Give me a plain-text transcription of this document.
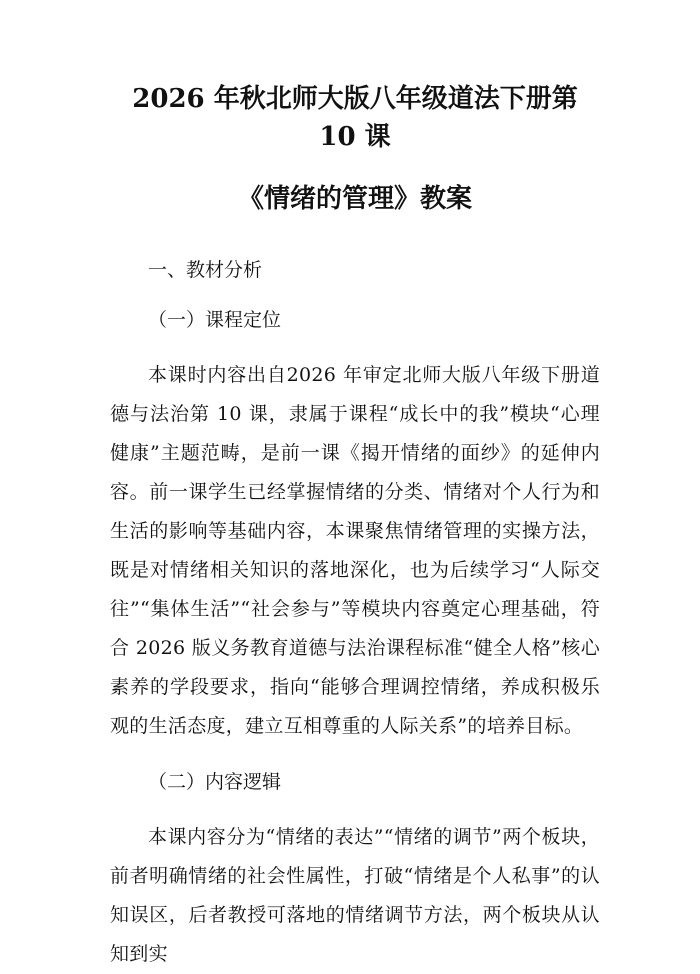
2026 年秋北师大版八年级道法下册第 10 课
《情绪的管理》教案

一、教材分析

（一）课程定位

本课时内容出自2026 年审定北师大版八年级下册道德与法治第 10 课，隶属于课程“成长中的我”模块“心理健康”主题范畴，是前一课《揭开情绪的面纱》的延伸内容。前一课学生已经掌握情绪的分类、情绪对个人行为和生活的影响等基础内容，本课聚焦情绪管理的实操方法，既是对情绪相关知识的落地深化，也为后续学习“人际交往”“集体生活”“社会参与”等模块内容奠定心理基础，符合 2026 版义务教育道德与法治课程标准“健全人格”核心素养的学段要求，指向“能够合理调控情绪，养成积极乐观的生活态度，建立互相尊重的人际关系”的培养目标。

（二）内容逻辑

本课内容分为“情绪的表达”“情绪的调节”两个板块，前者明确情绪的社会性属性，打破“情绪是个人私事”的认知误区，后者教授可落地的情绪调节方法，两个板块从认知到实
